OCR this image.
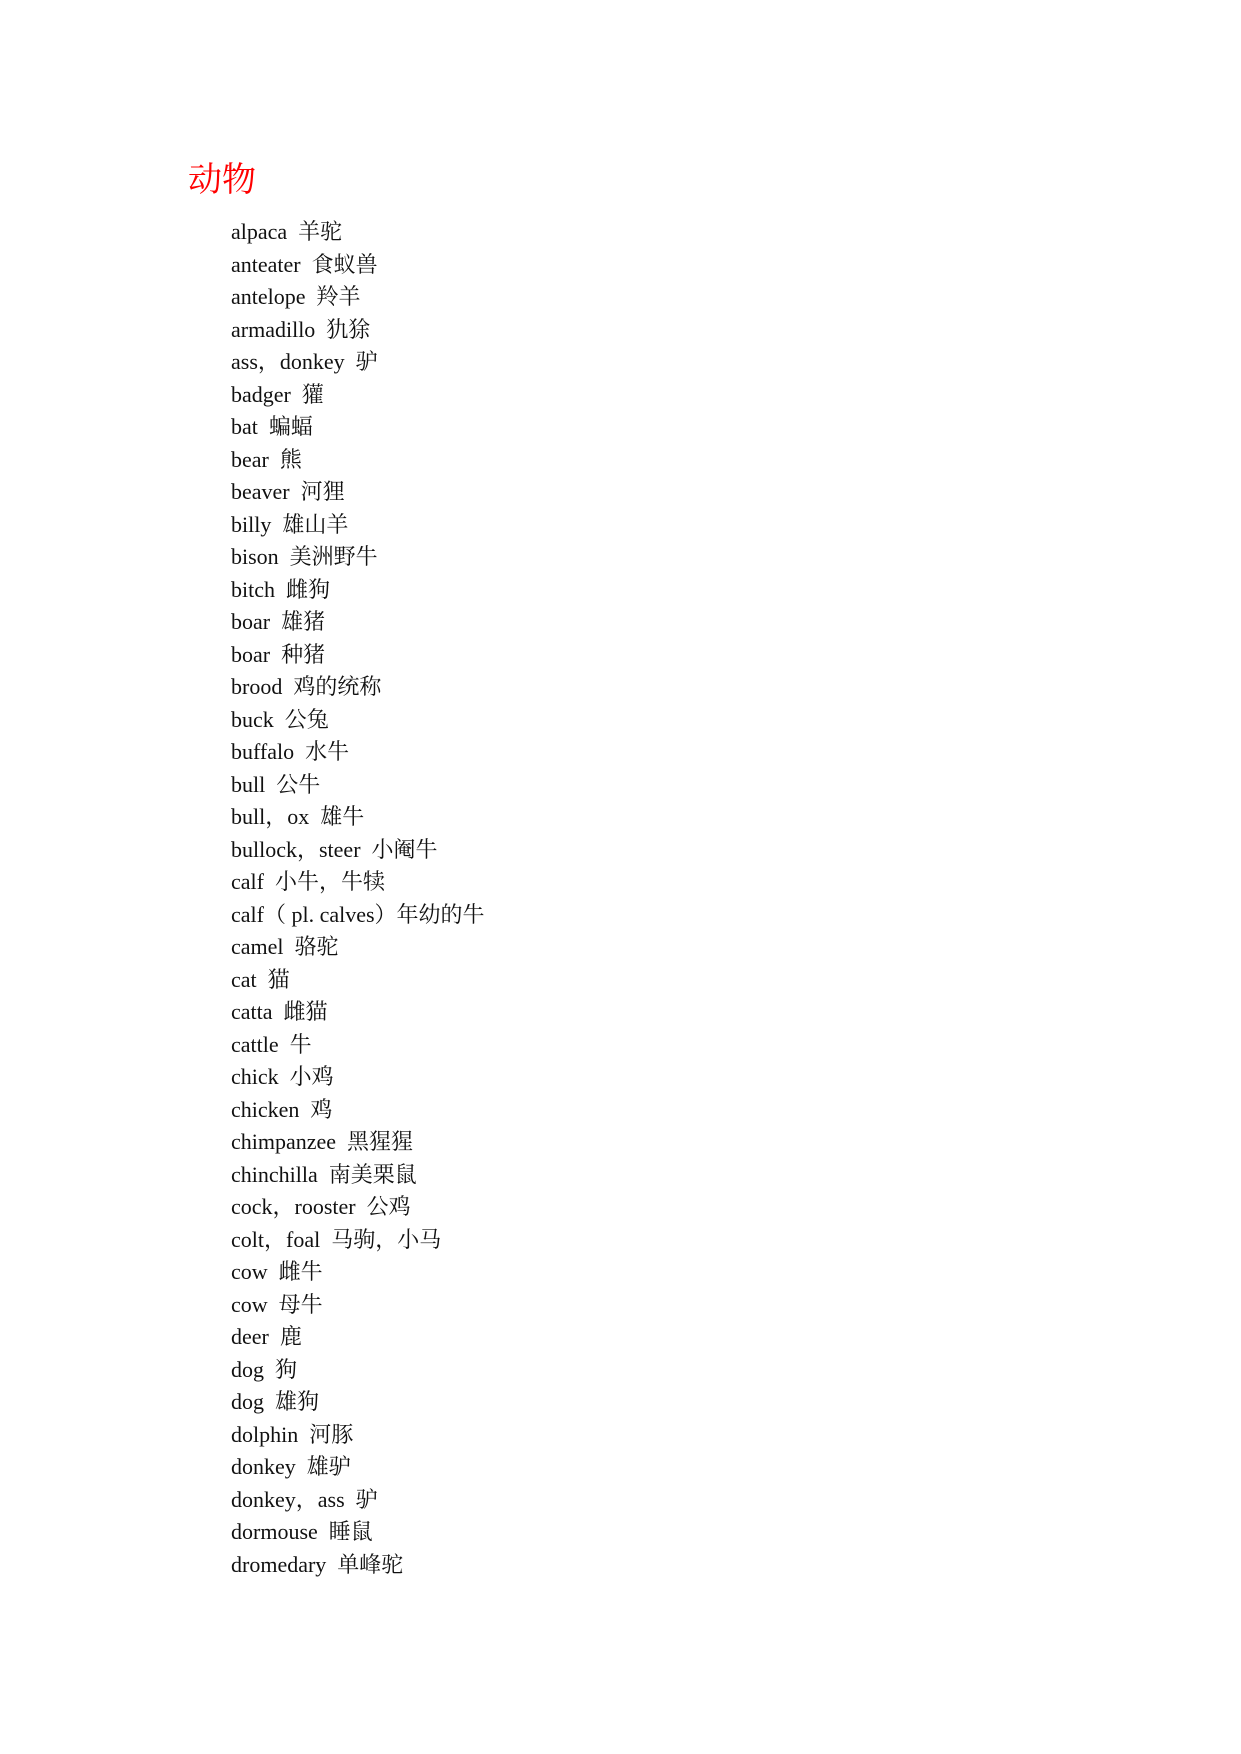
动物
alpaca  羊驼
anteater  食蚁兽
antelope  羚羊
armadillo  犰狳
ass，donkey  驴
badger  獾
bat  蝙蝠
bear  熊
beaver  河狸
billy  雄山羊
bison  美洲野牛
bitch  雌狗
boar  雄猪
boar  种猪
brood  鸡的统称
buck  公兔
buffalo  水牛
bull  公牛
bull，ox  雄牛
bullock，steer  小阉牛
calf  小牛，牛犊
calf（ pl. calves）年幼的牛
camel  骆驼
cat  猫
catta  雌猫
cattle  牛
chick  小鸡
chicken  鸡
chimpanzee  黑猩猩
chinchilla  南美栗鼠
cock，rooster  公鸡
colt，foal  马驹，小马
cow  雌牛
cow  母牛
deer  鹿
dog  狗
dog  雄狗
dolphin  河豚
donkey  雄驴
donkey，ass  驴
dormouse  睡鼠
dromedary  单峰驼
